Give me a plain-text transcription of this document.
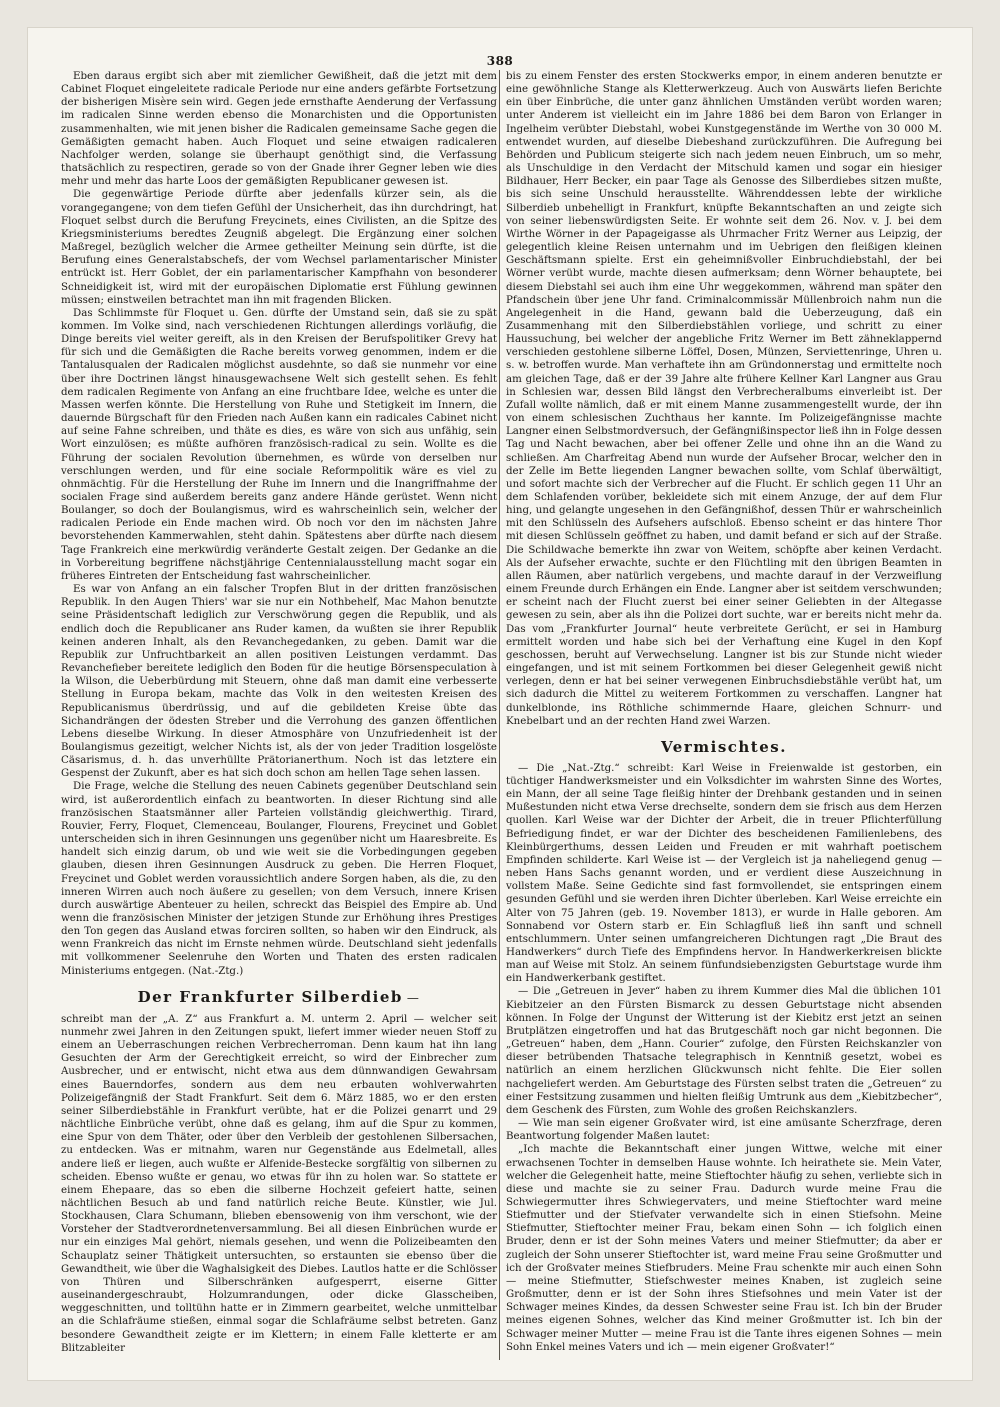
388

Eben daraus ergibt sich aber mit ziemlicher Gewißheit, daß die jetzt mit dem Cabinet Floquet eingeleitete radicale Periode nur eine anders gefärbte Fortsetzung der bisherigen Misère sein wird. Gegen jede ernsthafte Aenderung der Verfassung im radicalen Sinne werden ebenso die Monarchisten und die Opportunisten zusammenhalten, wie mit jenen bisher die Radicalen gemeinsame Sache gegen die Gemäßigten gemacht haben. Auch Floquet und seine etwaigen radicaleren Nachfolger werden, solange sie überhaupt genöthigt sind, die Verfassung thatsächlich zu respectiren, gerade so von der Gnade ihrer Gegner leben wie dies mehr und mehr das harte Loos der gemäßigten Republicaner gewesen ist.

Die gegenwärtige Periode dürfte aber jedenfalls kürzer sein, als die vorangegangene; von dem tiefen Gefühl der Unsicherheit, das ihn durchdringt, hat Floquet selbst durch die Berufung Freycinets, eines Civilisten, an die Spitze des Kriegsministeriums beredtes Zeugniß abgelegt. Die Ergänzung einer solchen Maßregel, bezüglich welcher die Armee getheilter Meinung sein dürfte, ist die Berufung eines Generalstabschefs, der vom Wechsel parlamentarischer Minister entrückt ist. Herr Goblet, der ein parlamentarischer Kampfhahn von besonderer Schneidigkeit ist, wird mit der europäischen Diplomatie erst Fühlung gewinnen müssen; einstweilen betrachtet man ihn mit fragenden Blicken.

Das Schlimmste für Floquet u. Gen. dürfte der Umstand sein, daß sie zu spät kommen. Im Volke sind, nach verschiedenen Richtungen allerdings vorläufig, die Dinge bereits viel weiter gereift, als in den Kreisen der Berufspolitiker Grevy hat für sich und die Gemäßigten die Rache bereits vorweg genommen, indem er die Tantalusqualen der Radicalen möglichst ausdehnte, so daß sie nunmehr vor eine über ihre Doctrinen längst hinausgewachsene Welt sich gestellt sehen. Es fehlt dem radicalen Regimente von Anfang an eine fruchtbare Idee, welche es unter die Massen werfen könnte. Die Herstellung von Ruhe und Stetigkeit im Innern, die dauernde Bürgschaft für den Frieden nach Außen kann ein radicales Cabinet nicht auf seine Fahne schreiben, und thäte es dies, es wäre von sich aus unfähig, sein Wort einzulösen; es müßte aufhören französisch-radical zu sein. Wollte es die Führung der socialen Revolution übernehmen, es würde von derselben nur verschlungen werden, und für eine sociale Reformpolitik wäre es viel zu ohnmächtig. Für die Herstellung der Ruhe im Innern und die Inangriffnahme der socialen Frage sind außerdem bereits ganz andere Hände gerüstet. Wenn nicht Boulanger, so doch der Boulangismus, wird es wahrscheinlich sein, welcher der radicalen Periode ein Ende machen wird. Ob noch vor den im nächsten Jahre bevorstehenden Kammerwahlen, steht dahin. Spätestens aber dürfte nach diesem Tage Frankreich eine merkwürdig veränderte Gestalt zeigen. Der Gedanke an die in Vorbereitung begriffene nächstjährige Centennialausstellung macht sogar ein früheres Eintreten der Entscheidung fast wahrscheinlicher.

Es war von Anfang an ein falscher Tropfen Blut in der dritten französischen Republik. In den Augen Thiers' war sie nur ein Nothbehelf, Mac Mahon benutzte seine Präsidentschaft lediglich zur Verschwörung gegen die Republik, und als endlich doch die Republicaner ans Ruder kamen, da wußten sie ihrer Republik keinen anderen Inhalt, als den Revanchegedanken, zu geben. Damit war die Republik zur Unfruchtbarkeit an allen positiven Leistungen verdammt. Das Revanchefieber bereitete lediglich den Boden für die heutige Börsenspeculation à la Wilson, die Ueberbürdung mit Steuern, ohne daß man damit eine verbesserte Stellung in Europa bekam, machte das Volk in den weitesten Kreisen des Republicanismus überdrüssig, und auf die gebildeten Kreise übte das Sichandrängen der ödesten Streber und die Verrohung des ganzen öffentlichen Lebens dieselbe Wirkung. In dieser Atmosphäre von Unzufriedenheit ist der Boulangismus gezeitigt, welcher Nichts ist, als der von jeder Tradition losgelöste Cäsarismus, d. h. das unverhüllte Prätorianerthum. Noch ist das letztere ein Gespenst der Zukunft, aber es hat sich doch schon am hellen Tage sehen lassen.

Die Frage, welche die Stellung des neuen Cabinets gegenüber Deutschland sein wird, ist außerordentlich einfach zu beantworten. In dieser Richtung sind alle französischen Staatsmänner aller Parteien vollständig gleichwerthig. Tirard, Rouvier, Ferry, Floquet, Clemenceau, Boulanger, Flourens, Freycinet und Goblet unterscheiden sich in ihren Gesinnungen uns gegenüber nicht um Haaresbreite. Es handelt sich einzig darum, ob und wie weit sie die Vorbedingungen gegeben glauben, diesen ihren Gesinnungen Ausdruck zu geben. Die Herren Floquet, Freycinet und Goblet werden voraussichtlich andere Sorgen haben, als die, zu den inneren Wirren auch noch äußere zu gesellen; von dem Versuch, innere Krisen durch auswärtige Abenteuer zu heilen, schreckt das Beispiel des Empire ab. Und wenn die französischen Minister der jetzigen Stunde zur Erhöhung ihres Prestiges den Ton gegen das Ausland etwas forciren sollten, so haben wir den Eindruck, als wenn Frankreich das nicht im Ernste nehmen würde. Deutschland sieht jedenfalls mit vollkommener Seelenruhe den Worten und Thaten des ersten radicalen Ministeriums entgegen. (Nat.-Ztg.)

Der Frankfurter Silberdieb —

schreibt man der „A. Z“ aus Frankfurt a. M. unterm 2. April — welcher seit nunmehr zwei Jahren in den Zeitungen spukt, liefert immer wieder neuen Stoff zu einem an Ueberraschungen reichen Verbrecherroman. Denn kaum hat ihn lang Gesuchten der Arm der Gerechtigkeit erreicht, so wird der Einbrecher zum Ausbrecher, und er entwischt, nicht etwa aus dem dünnwandigen Gewahrsam eines Bauerndorfes, sondern aus dem neu erbauten wohlverwahrten Polizeigefängniß der Stadt Frankfurt. Seit dem 6. März 1885, wo er den ersten seiner Silberdiebstähle in Frankfurt verübte, hat er die Polizei genarrt und 29 nächtliche Einbrüche verübt, ohne daß es gelang, ihm auf die Spur zu kommen, eine Spur von dem Thäter, oder über den Verbleib der gestohlenen Silbersachen, zu entdecken. Was er mitnahm, waren nur Gegenstände aus Edelmetall, alles andere ließ er liegen, auch wußte er Alfenide-Bestecke sorgfältig von silbernen zu scheiden. Ebenso wußte er genau, wo etwas für ihn zu holen war. So stattete er einem Ehepaare, das so eben die silberne Hochzeit gefeiert hatte, seinen nächtlichen Besuch ab und fand natürlich reiche Beute. Künstler, wie Jul. Stockhausen, Clara Schumann, blieben ebensowenig von ihm verschont, wie der Vorsteher der Stadtverordnetenversammlung. Bei all diesen Einbrüchen wurde er nur ein einziges Mal gehört, niemals gesehen, und wenn die Polizeibeamten den Schauplatz seiner Thätigkeit untersuchten, so erstaunten sie ebenso über die Gewandtheit, wie über die Waghalsigkeit des Diebes. Lautlos hatte er die Schlösser von Thüren und Silberschränken aufgesperrt, eiserne Gitter auseinandergeschraubt, Holzumrandungen, oder dicke Glasscheiben, weggeschnitten, und tolltühn hatte er in Zimmern gearbeitet, welche unmittelbar an die Schlafräume stießen, einmal sogar die Schlafräume selbst betreten. Ganz besondere Gewandtheit zeigte er im Klettern; in einem Falle kletterte er am Blitzableiter

bis zu einem Fenster des ersten Stockwerks empor, in einem anderen benutzte er eine gewöhnliche Stange als Kletterwerkzeug. Auch von Auswärts liefen Berichte ein über Einbrüche, die unter ganz ähnlichen Umständen verübt worden waren; unter Anderem ist vielleicht ein im Jahre 1886 bei dem Baron von Erlanger in Ingelheim verübter Diebstahl, wobei Kunstgegenstände im Werthe von 30 000 M. entwendet wurden, auf dieselbe Diebeshand zurückzuführen. Die Aufregung bei Behörden und Publicum steigerte sich nach jedem neuen Einbruch, um so mehr, als Unschuldige in den Verdacht der Mitschuld kamen und sogar ein hiesiger Bildhauer, Herr Becker, ein paar Tage als Genosse des Silberdiebes sitzen mußte, bis sich seine Unschuld herausstellte. Währenddessen lebte der wirkliche Silberdieb unbehelligt in Frankfurt, knüpfte Bekanntschaften an und zeigte sich von seiner liebenswürdigsten Seite. Er wohnte seit dem 26. Nov. v. J. bei dem Wirthe Wörner in der Papageigasse als Uhrmacher Fritz Werner aus Leipzig, der gelegentlich kleine Reisen unternahm und im Uebrigen den fleißigen kleinen Geschäftsmann spielte. Erst ein geheimnißvoller Einbruchdiebstahl, der bei Wörner verübt wurde, machte diesen aufmerksam; denn Wörner behauptete, bei diesem Diebstahl sei auch ihm eine Uhr weggekommen, während man später den Pfandschein über jene Uhr fand. Criminalcommissär Müllenbroich nahm nun die Angelegenheit in die Hand, gewann bald die Ueberzeugung, daß ein Zusammenhang mit den Silberdiebstählen vorliege, und schritt zu einer Haussuchung, bei welcher der angebliche Fritz Werner im Bett zähneklappernd verschieden gestohlene silberne Löffel, Dosen, Münzen, Serviettenringe, Uhren u. s. w. betroffen wurde. Man verhaftete ihn am Gründonnerstag und ermittelte noch am gleichen Tage, daß er der 39 Jahre alte frühere Kellner Karl Langner aus Grau in Schlesien war, dessen Bild längst den Verbrecheralbums einverleibt ist. Der Zufall wollte nämlich, daß er mit einem Manne zusammengestellt wurde, der ihn von einem schlesischen Zuchthaus her kannte. Im Polizeigefängnisse machte Langner einen Selbstmordversuch, der Gefängnißinspector ließ ihn in Folge dessen Tag und Nacht bewachen, aber bei offener Zelle und ohne ihn an die Wand zu schließen. Am Charfreitag Abend nun wurde der Aufseher Brocar, welcher den in der Zelle im Bette liegenden Langner bewachen sollte, vom Schlaf überwältigt, und sofort machte sich der Verbrecher auf die Flucht. Er schlich gegen 11 Uhr an dem Schlafenden vorüber, bekleidete sich mit einem Anzuge, der auf dem Flur hing, und gelangte ungesehen in den Gefängnißhof, dessen Thür er wahrscheinlich mit den Schlüsseln des Aufsehers aufschloß. Ebenso scheint er das hintere Thor mit diesen Schlüsseln geöffnet zu haben, und damit befand er sich auf der Straße. Die Schildwache bemerkte ihn zwar von Weitem, schöpfte aber keinen Verdacht. Als der Aufseher erwachte, suchte er den Flüchtling mit den übrigen Beamten in allen Räumen, aber natürlich vergebens, und machte darauf in der Verzweiflung einem Freunde durch Erhängen ein Ende. Langner aber ist seitdem verschwunden; er scheint nach der Flucht zuerst bei einer seiner Geliebten in der Altegasse gewesen zu sein, aber als ihn die Polizei dort suchte, war er bereits nicht mehr da. Das vom „Frankfurter Journal“ heute verbreitete Gerücht, er sei in Hamburg ermittelt worden und habe sich bei der Verhaftung eine Kugel in den Kopf geschossen, beruht auf Verwechselung. Langner ist bis zur Stunde nicht wieder eingefangen, und ist mit seinem Fortkommen bei dieser Gelegenheit gewiß nicht verlegen, denn er hat bei seiner verwegenen Einbruchsdiebstähle verübt hat, um sich dadurch die Mittel zu weiterem Fortkommen zu verschaffen. Langner hat dunkelblonde, ins Röthliche schimmernde Haare, gleichen Schnurr- und Knebelbart und an der rechten Hand zwei Warzen.

Vermischtes.

— Die „Nat.-Ztg.“ schreibt: Karl Weise in Freienwalde ist gestorben, ein tüchtiger Handwerksmeister und ein Volksdichter im wahrsten Sinne des Wortes, ein Mann, der all seine Tage fleißig hinter der Drehbank gestanden und in seinen Mußestunden nicht etwa Verse drechselte, sondern dem sie frisch aus dem Herzen quollen. Karl Weise war der Dichter der Arbeit, die in treuer Pflichterfüllung Befriedigung findet, er war der Dichter des bescheidenen Familienlebens, des Kleinbürgerthums, dessen Leiden und Freuden er mit wahrhaft poetischem Empfinden schilderte. Karl Weise ist — der Vergleich ist ja naheliegend genug — neben Hans Sachs genannt worden, und er verdient diese Auszeichnung in vollstem Maße. Seine Gedichte sind fast formvollendet, sie entspringen einem gesunden Gefühl und sie werden ihren Dichter überleben. Karl Weise erreichte ein Alter von 75 Jahren (geb. 19. November 1813), er wurde in Halle geboren. Am Sonnabend vor Ostern starb er. Ein Schlagfluß ließ ihn sanft und schnell entschlummern. Unter seinen umfangreicheren Dichtungen ragt „Die Braut des Handwerkers“ durch Tiefe des Empfindens hervor. In Handwerkerkreisen blickte man auf Weise mit Stolz. An seinem fünfundsiebenzigsten Geburtstage wurde ihm ein Handwerkerbank gestiftet.

— Die „Getreuen in Jever“ haben zu ihrem Kummer dies Mal die üblichen 101 Kiebitzeier an den Fürsten Bismarck zu dessen Geburtstage nicht absenden können. In Folge der Ungunst der Witterung ist der Kiebitz erst jetzt an seinen Brutplätzen eingetroffen und hat das Brutgeschäft noch gar nicht begonnen. Die „Getreuen“ haben, dem „Hann. Courier“ zufolge, den Fürsten Reichskanzler von dieser betrübenden Thatsache telegraphisch in Kenntniß gesetzt, wobei es natürlich an einem herzlichen Glückwunsch nicht fehlte. Die Eier sollen nachgeliefert werden. Am Geburtstage des Fürsten selbst traten die „Getreuen“ zu einer Festsitzung zusammen und hielten fleißig Umtrunk aus dem „Kiebitzbecher“, dem Geschenk des Fürsten, zum Wohle des großen Reichskanzlers.

— Wie man sein eigener Großvater wird, ist eine amüsante Scherzfrage, deren Beantwortung folgender Maßen lautet:

„Ich machte die Bekanntschaft einer jungen Wittwe, welche mit einer erwachsenen Tochter in demselben Hause wohnte. Ich heirathete sie. Mein Vater, welcher die Gelegenheit hatte, meine Stieftochter häufig zu sehen, verliebte sich in diese und machte sie zu seiner Frau. Dadurch wurde meine Frau die Schwiegermutter ihres Schwiegervaters, und meine Stieftochter ward meine Stiefmutter und der Stiefvater verwandelte sich in einen Stiefsohn. Meine Stiefmutter, Stieftochter meiner Frau, bekam einen Sohn — ich folglich einen Bruder, denn er ist der Sohn meines Vaters und meiner Stiefmutter; da aber er zugleich der Sohn unserer Stieftochter ist, ward meine Frau seine Großmutter und ich der Großvater meines Stiefbruders. Meine Frau schenkte mir auch einen Sohn — meine Stiefmutter, Stiefschwester meines Knaben, ist zugleich seine Großmutter, denn er ist der Sohn ihres Stiefsohnes und mein Vater ist der Schwager meines Kindes, da dessen Schwester seine Frau ist. Ich bin der Bruder meines eigenen Sohnes, welcher das Kind meiner Großmutter ist. Ich bin der Schwager meiner Mutter — meine Frau ist die Tante ihres eigenen Sohnes — mein Sohn Enkel meines Vaters und ich — mein eigener Großvater!“
